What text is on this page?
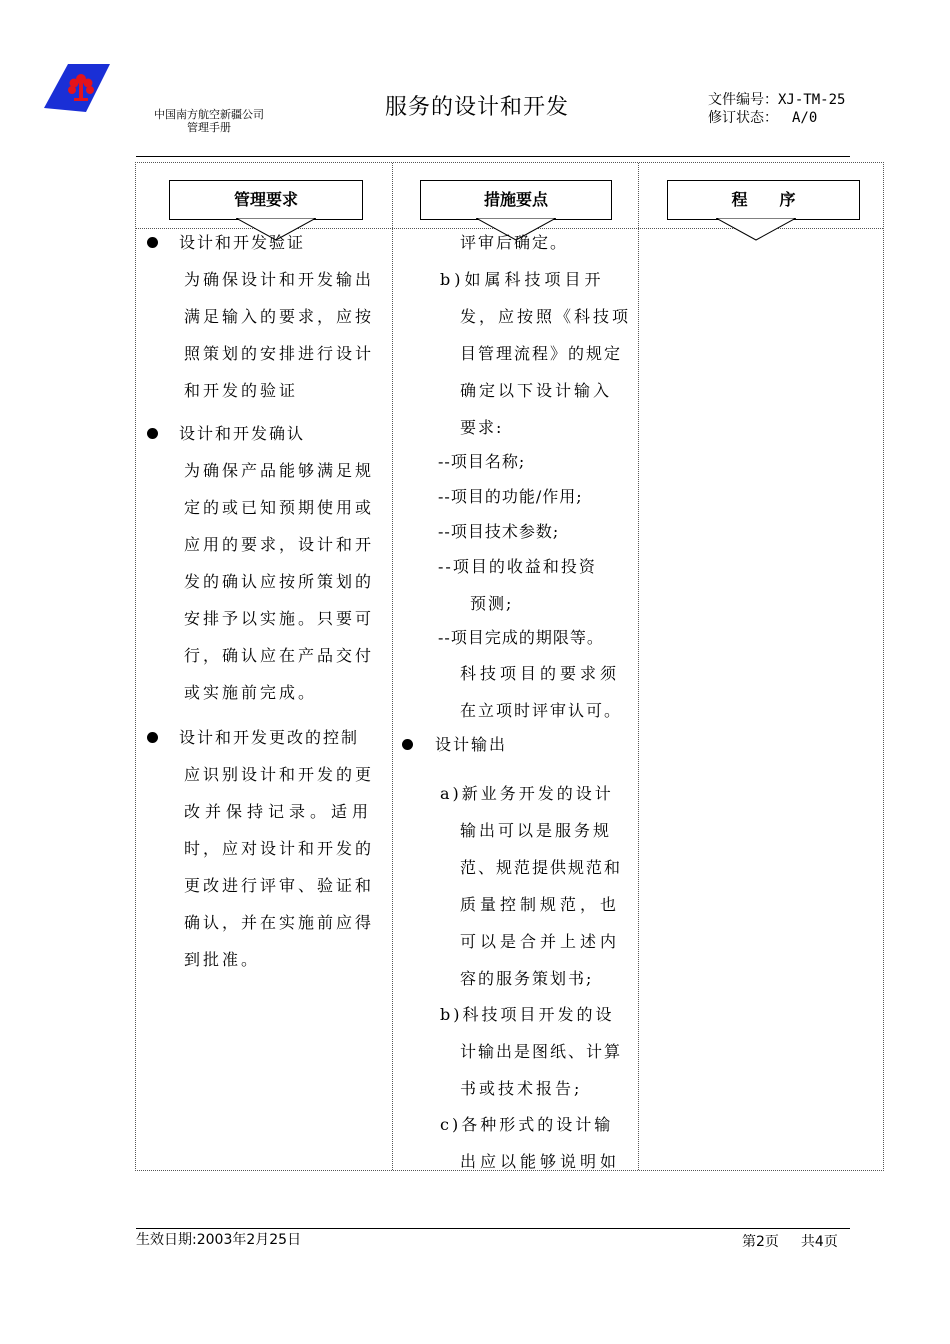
中国南方航空新疆公司
管理手册
服务的设计和开发	文件编号：XJ-TM-25
修订状态： A/0
管理要求	措施要点	程　　序
设计和开发验证
为确保设计和开发输出
满足输入的要求，应按
照策划的安排进行设计
和开发的验证
设计和开发确认
为确保产品能够满足规
定的或已知预期使用或
应用的要求，设计和开
发的确认应按所策划的
安排予以实施。只要可
行，确认应在产品交付
或实施前完成。
设计和开发更改的控制
应识别设计和开发的更
改并保持记录。适用
时，应对设计和开发的
更改进行评审、验证和
确认，并在实施前应得
到批准。
评审后确定。
b)如属科技项目开
发，应按照《科技项
目管理流程》的规定
确定以下设计输入
要求:
--项目名称;
--项目的功能/作用;
--项目技术参数;
--项目的收益和投资
预测;
--项目完成的期限等。
科技项目的要求须
在立项时评审认可。
设计输出
a)新业务开发的设计
输出可以是服务规
范、规范提供规范和
质量控制规范，也
可以是合并上述内
容的服务策划书;
b)科技项目开发的设
计输出是图纸、计算
书或技术报告;
c)各种形式的设计输
出应以能够说明如
生效日期:2003年2月25日	第2页 共4页
